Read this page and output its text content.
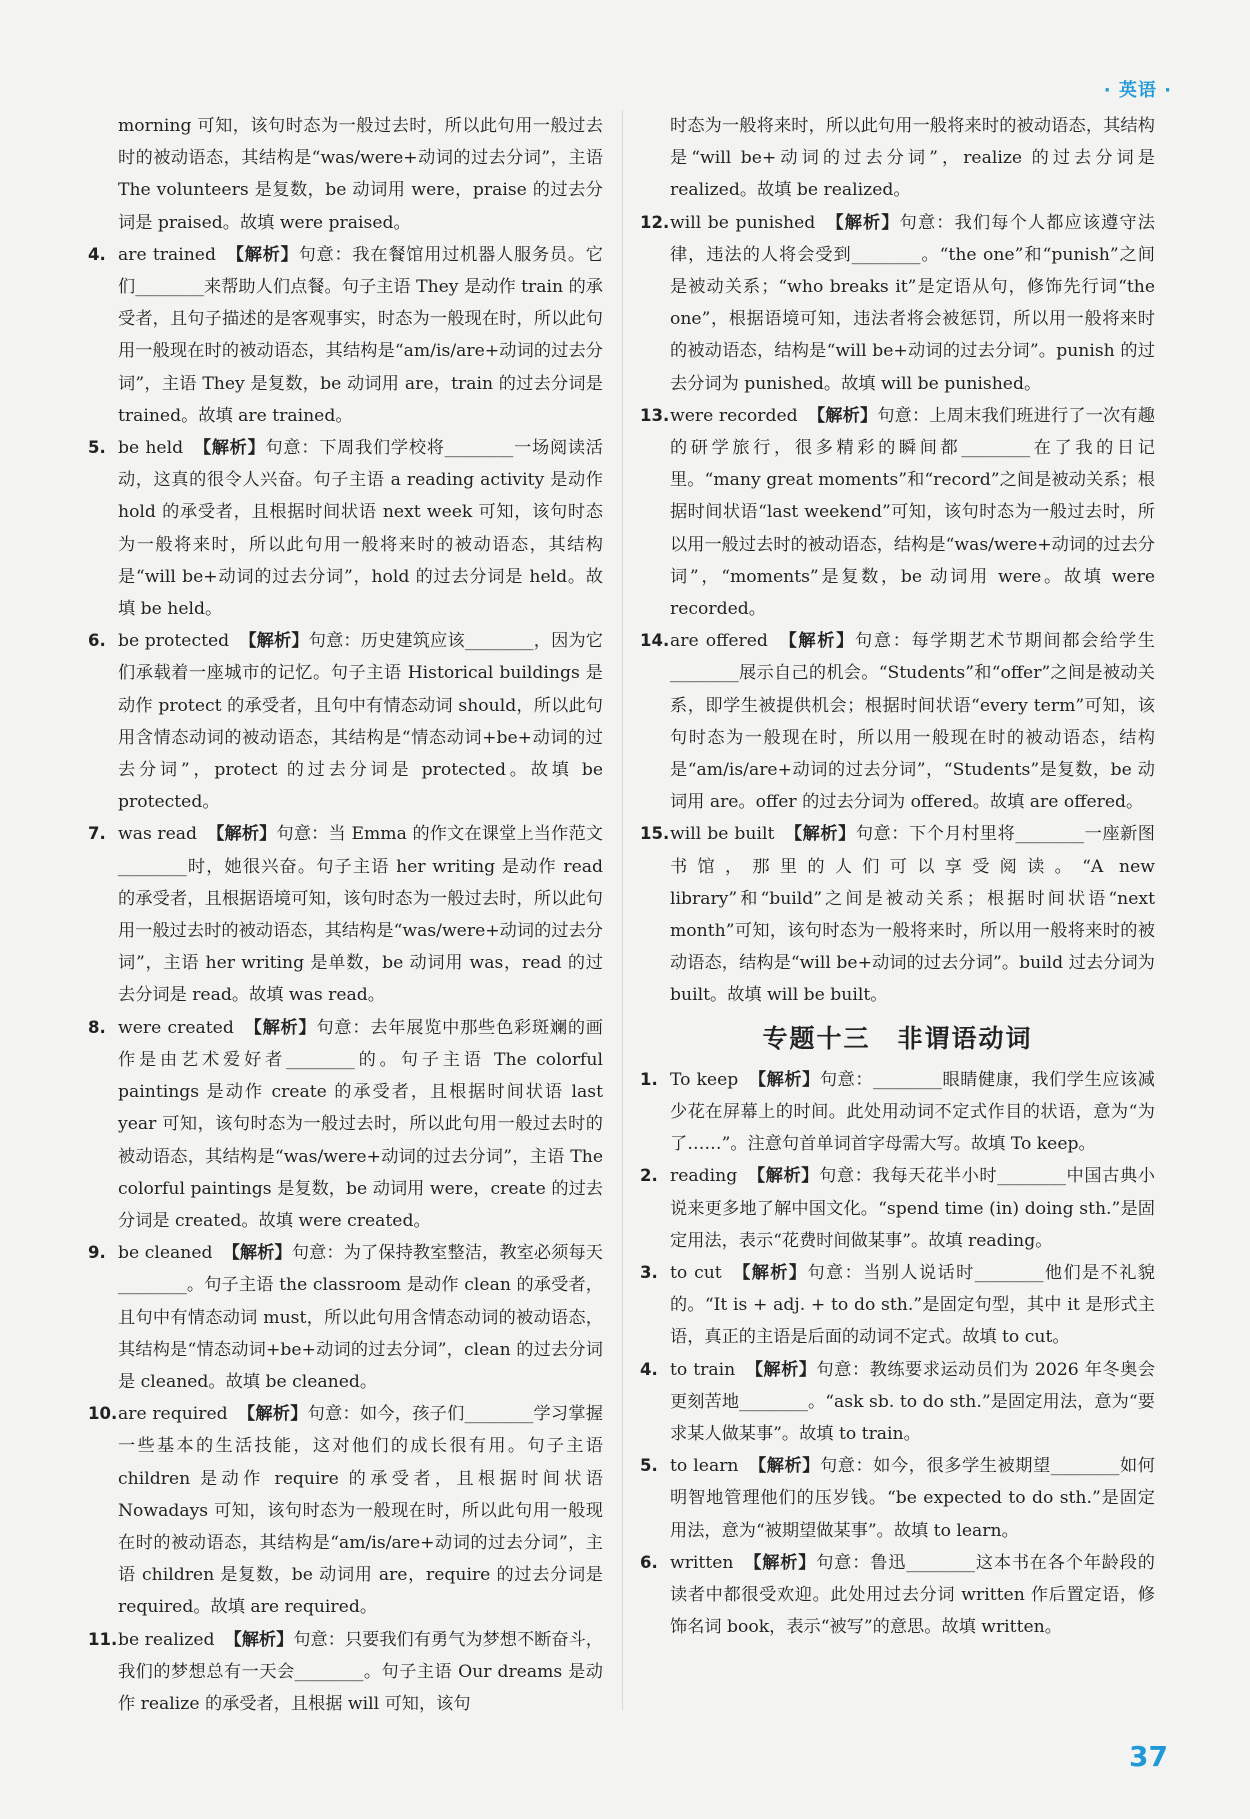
· 英语 ·

morning 可知，该句时态为一般过去时，所以此句用一般过去时的被动语态，其结构是“was/were+动词的过去分词”，主语 The volunteers 是复数，be 动词用 were，praise 的过去分词是 praised。故填 were praised。

4. are trained 【解析】句意：我在餐馆用过机器人服务员。它们________来帮助人们点餐。句子主语 They 是动作 train 的承受者，且句子描述的是客观事实，时态为一般现在时，所以此句用一般现在时的被动语态，其结构是“am/is/are+动词的过去分词”，主语 They 是复数，be 动词用 are，train 的过去分词是 trained。故填 are trained。

5. be held 【解析】句意：下周我们学校将________一场阅读活动，这真的很令人兴奋。句子主语 a reading activity 是动作 hold 的承受者，且根据时间状语 next week 可知，该句时态为一般将来时，所以此句用一般将来时的被动语态，其结构是“will be+动词的过去分词”，hold 的过去分词是 held。故填 be held。

6. be protected 【解析】句意：历史建筑应该________，因为它们承载着一座城市的记忆。句子主语 Historical buildings 是动作 protect 的承受者，且句中有情态动词 should，所以此句用含情态动词的被动语态，其结构是“情态动词+be+动词的过去分词”，protect 的过去分词是 protected。故填 be protected。

7. was read 【解析】句意：当 Emma 的作文在课堂上当作范文________时，她很兴奋。句子主语 her writing 是动作 read 的承受者，且根据语境可知，该句时态为一般过去时，所以此句用一般过去时的被动语态，其结构是“was/were+动词的过去分词”，主语 her writing 是单数，be 动词用 was，read 的过去分词是 read。故填 was read。

8. were created 【解析】句意：去年展览中那些色彩斑斓的画作是由艺术爱好者________的。句子主语 The colorful paintings 是动作 create 的承受者，且根据时间状语 last year 可知，该句时态为一般过去时，所以此句用一般过去时的被动语态，其结构是“was/were+动词的过去分词”，主语 The colorful paintings 是复数，be 动词用 were，create 的过去分词是 created。故填 were created。

9. be cleaned 【解析】句意：为了保持教室整洁，教室必须每天________。句子主语 the classroom 是动作 clean 的承受者，且句中有情态动词 must，所以此句用含情态动词的被动语态，其结构是“情态动词+be+动词的过去分词”，clean 的过去分词是 cleaned。故填 be cleaned。

10. are required 【解析】句意：如今，孩子们________学习掌握一些基本的生活技能，这对他们的成长很有用。句子主语 children 是动作 require 的承受者，且根据时间状语 Nowadays 可知，该句时态为一般现在时，所以此句用一般现在时的被动语态，其结构是“am/is/are+动词的过去分词”，主语 children 是复数，be 动词用 are，require 的过去分词是 required。故填 are required。

11. be realized 【解析】句意：只要我们有勇气为梦想不断奋斗，我们的梦想总有一天会________。句子主语 Our dreams 是动作 realize 的承受者，且根据 will 可知，该句

时态为一般将来时，所以此句用一般将来时的被动语态，其结构是“will be+动词的过去分词”，realize 的过去分词是 realized。故填 be realized。

12. will be punished 【解析】句意：我们每个人都应该遵守法律，违法的人将会受到________。“the one”和“punish”之间是被动关系；“who breaks it”是定语从句，修饰先行词“the one”，根据语境可知，违法者将会被惩罚，所以用一般将来时的被动语态，结构是“will be+动词的过去分词”。punish 的过去分词为 punished。故填 will be punished。

13. were recorded 【解析】句意：上周末我们班进行了一次有趣的研学旅行，很多精彩的瞬间都________在了我的日记里。“many great moments”和“record”之间是被动关系；根据时间状语“last weekend”可知，该句时态为一般过去时，所以用一般过去时的被动语态，结构是“was/were+动词的过去分词”，“moments”是复数，be 动词用 were。故填 were recorded。

14. are offered 【解析】句意：每学期艺术节期间都会给学生________展示自己的机会。“Students”和“offer”之间是被动关系，即学生被提供机会；根据时间状语“every term”可知，该句时态为一般现在时，所以用一般现在时的被动语态，结构是“am/is/are+动词的过去分词”，“Students”是复数，be 动词用 are。offer 的过去分词为 offered。故填 are offered。

15. will be built 【解析】句意：下个月村里将________一座新图书馆，那里的人们可以享受阅读。“A new library”和“build”之间是被动关系；根据时间状语“next month”可知，该句时态为一般将来时，所以用一般将来时的被动语态，结构是“will be+动词的过去分词”。build 过去分词为 built。故填 will be built。

专题十三　非谓语动词

1. To keep 【解析】句意：________眼睛健康，我们学生应该减少花在屏幕上的时间。此处用动词不定式作目的状语，意为“为了……”。注意句首单词首字母需大写。故填 To keep。

2. reading 【解析】句意：我每天花半小时________中国古典小说来更多地了解中国文化。“spend time (in) doing sth.”是固定用法，表示“花费时间做某事”。故填 reading。

3. to cut 【解析】句意：当别人说话时________他们是不礼貌的。“It is + adj. + to do sth.”是固定句型，其中 it 是形式主语，真正的主语是后面的动词不定式。故填 to cut。

4. to train 【解析】句意：教练要求运动员们为 2026 年冬奥会更刻苦地________。“ask sb. to do sth.”是固定用法，意为“要求某人做某事”。故填 to train。

5. to learn 【解析】句意：如今，很多学生被期望________如何明智地管理他们的压岁钱。“be expected to do sth.”是固定用法，意为“被期望做某事”。故填 to learn。

6. written 【解析】句意：鲁迅________这本书在各个年龄段的读者中都很受欢迎。此处用过去分词 written 作后置定语，修饰名词 book，表示“被写”的意思。故填 written。

37
